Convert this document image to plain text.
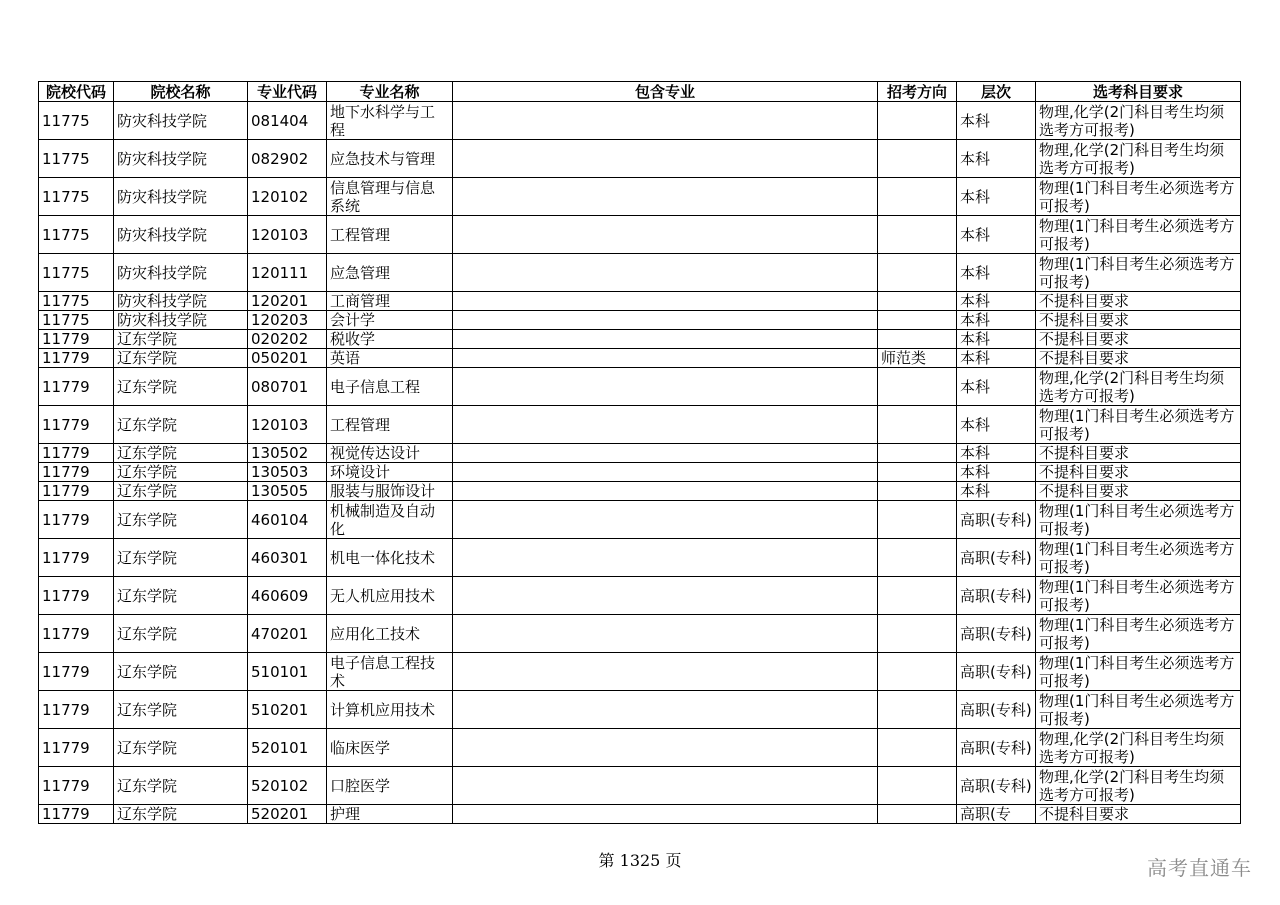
院校代码	院校名称	专业代码	专业名称	包含专业	招考方向	层次	选考科目要求
11775	防灾科技学院	081404	地下水科学与工程			本科	物理,化学(2门科目考生均须选考方可报考)
11775	防灾科技学院	082902	应急技术与管理			本科	物理,化学(2门科目考生均须选考方可报考)
11775	防灾科技学院	120102	信息管理与信息系统			本科	物理(1门科目考生必须选考方可报考)
11775	防灾科技学院	120103	工程管理			本科	物理(1门科目考生必须选考方可报考)
11775	防灾科技学院	120111	应急管理			本科	物理(1门科目考生必须选考方可报考)
11775	防灾科技学院	120201	工商管理			本科	不提科目要求
11775	防灾科技学院	120203	会计学			本科	不提科目要求
11779	辽东学院	020202	税收学			本科	不提科目要求
11779	辽东学院	050201	英语		师范类	本科	不提科目要求
11779	辽东学院	080701	电子信息工程			本科	物理,化学(2门科目考生均须选考方可报考)
11779	辽东学院	120103	工程管理			本科	物理(1门科目考生必须选考方可报考)
11779	辽东学院	130502	视觉传达设计			本科	不提科目要求
11779	辽东学院	130503	环境设计			本科	不提科目要求
11779	辽东学院	130505	服装与服饰设计			本科	不提科目要求
11779	辽东学院	460104	机械制造及自动化			高职(专科)	物理(1门科目考生必须选考方可报考)
11779	辽东学院	460301	机电一体化技术			高职(专科)	物理(1门科目考生必须选考方可报考)
11779	辽东学院	460609	无人机应用技术			高职(专科)	物理(1门科目考生必须选考方可报考)
11779	辽东学院	470201	应用化工技术			高职(专科)	物理(1门科目考生必须选考方可报考)
11779	辽东学院	510101	电子信息工程技术			高职(专科)	物理(1门科目考生必须选考方可报考)
11779	辽东学院	510201	计算机应用技术			高职(专科)	物理(1门科目考生必须选考方可报考)
11779	辽东学院	520101	临床医学			高职(专科)	物理,化学(2门科目考生均须选考方可报考)
11779	辽东学院	520102	口腔医学			高职(专科)	物理,化学(2门科目考生均须选考方可报考)
11779	辽东学院	520201	护理			高职(专	不提科目要求
第 1325 页	高考直通车
